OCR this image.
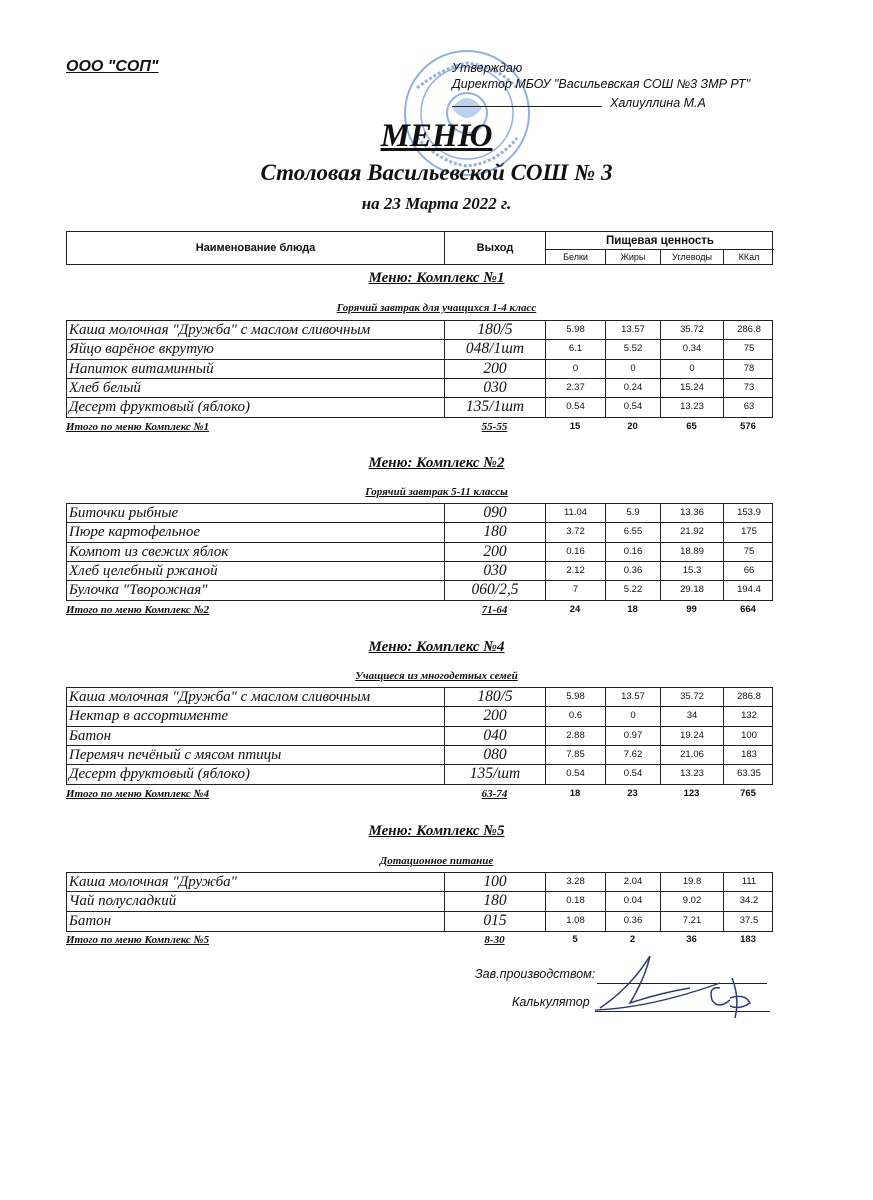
ООО "СОП"	Утверждаю
Директор МБОУ "Васильевская СОШ №3 ЗМР РТ"
Халиуллина М.А
МЕНЮ
Столовая Васильевской СОШ № 3
на 23 Марта 2022 г.
Наименование блюда	Выход
Пищевая ценность
Белки	Жиры	Углеводы	ККал
Меню: Комплекс №1
Горячий завтрак для учащихся 1-4 класс
Каша молочная "Дружба" с маслом сливочным	180/5	5.98	13.57	35.72	286.8
Яйцо варёное вкрутую	048/1шт	6.1	5.52	0.34	75
Напиток витаминный	200	0	0	0	78
Хлеб белый	030	2.37	0.24	15.24	73
Десерт фруктовый (яблоко)	135/1шт	0.54	0.54	13.23	63
Итого по меню Комплекс №1	55-55	15	20	65	576
Меню: Комплекс №2
Горячий завтрак 5-11 классы
Биточки рыбные	090	11.04	5.9	13.36	153.9
Пюре картофельное	180	3.72	6.55	21.92	175
Компот из свежих яблок	200	0.16	0.16	18.89	75
Хлеб целебный ржаной	030	2.12	0.36	15.3	66
Булочка "Творожная"	060/2,5	7	5.22	29.18	194.4
Итого по меню Комплекс №2	71-64	24	18	99	664
Меню: Комплекс №4
Учащиеся из многодетных семей
Каша молочная "Дружба" с маслом сливочным	180/5	5.98	13.57	35.72	286.8
Нектар в ассортименте	200	0.6	0	34	132
Батон	040	2.88	0.97	19.24	100
Перемяч печёный с мясом птицы	080	7.85	7.62	21.06	183
Десерт фруктовый (яблоко)	135/шт	0.54	0.54	13.23	63.35
Итого по меню Комплекс №4	63-74	18	23	123	765
Меню: Комплекс №5
Дотационное питание
Каша молочная "Дружба"	100	3.28	2.04	19.8	111
Чай полусладкий	180	0.18	0.04	9.02	34.2
Батон	015	1.08	0.36	7.21	37.5
Итого по меню Комплекс №5	8-30	5	2	36	183
Зав.производством:
Калькулятор
